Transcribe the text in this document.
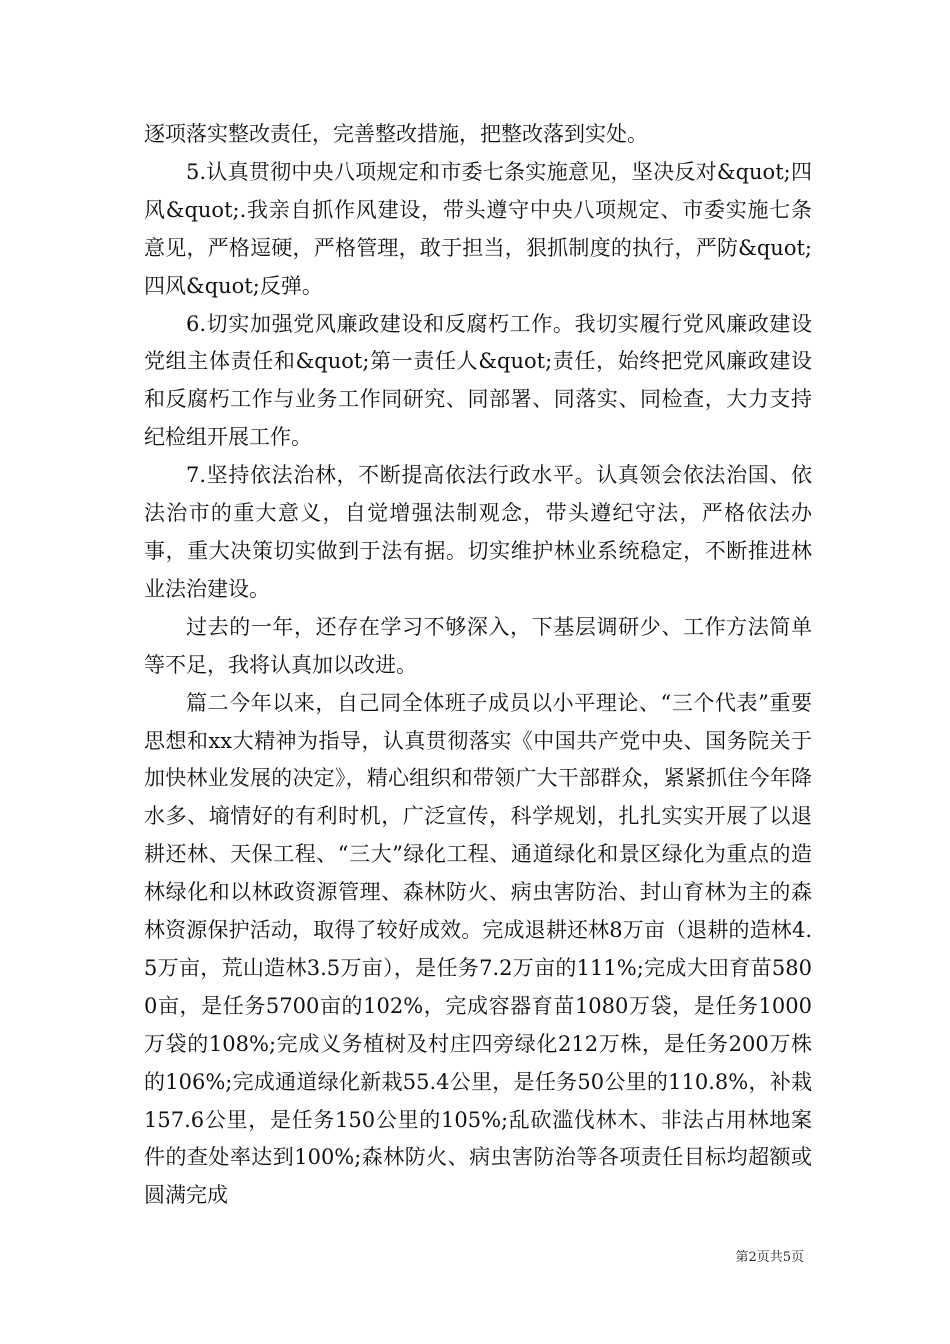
逐项落实整改责任，完善整改措施，把整改落到实处。

5.认真贯彻中央八项规定和市委七条实施意见，坚决反对&quot;四风&quot;.我亲自抓作风建设，带头遵守中央八项规定、市委实施七条意见，严格逗硬，严格管理，敢于担当，狠抓制度的执行，严防&quot;四风&quot;反弹。

6.切实加强党风廉政建设和反腐朽工作。我切实履行党风廉政建设党组主体责任和&quot;第一责任人&quot;责任，始终把党风廉政建设和反腐朽工作与业务工作同研究、同部署、同落实、同检查，大力支持纪检组开展工作。

7.坚持依法治林，不断提高依法行政水平。认真领会依法治国、依法治市的重大意义，自觉增强法制观念，带头遵纪守法，严格依法办事，重大决策切实做到于法有据。切实维护林业系统稳定，不断推进林业法治建设。

过去的一年，还存在学习不够深入，下基层调研少、工作方法简单等不足，我将认真加以改进。

篇二今年以来，自己同全体班子成员以小平理论、“三个代表”重要思想和xx大精神为指导，认真贯彻落实《中国共产党中央、国务院关于加快林业发展的决定》，精心组织和带领广大干部群众，紧紧抓住今年降水多、墒情好的有利时机，广泛宣传，科学规划，扎扎实实开展了以退耕还林、天保工程、“三大”绿化工程、通道绿化和景区绿化为重点的造林绿化和以林政资源管理、森林防火、病虫害防治、封山育林为主的森林资源保护活动，取得了较好成效。完成退耕还林8万亩（退耕的造林4.5万亩，荒山造林3.5万亩），是任务7.2万亩的111%;完成大田育苗5800亩，是任务5700亩的102%，完成容器育苗1080万袋，是任务1000万袋的108%;完成义务植树及村庄四旁绿化212万株，是任务200万株的106%;完成通道绿化新栽55.4公里，是任务50公里的110.8%，补栽157.6公里，是任务150公里的105%;乱砍滥伐林木、非法占用林地案件的查处率达到100%;森林防火、病虫害防治等各项责任目标均超额或圆满完成

第2页共5页
